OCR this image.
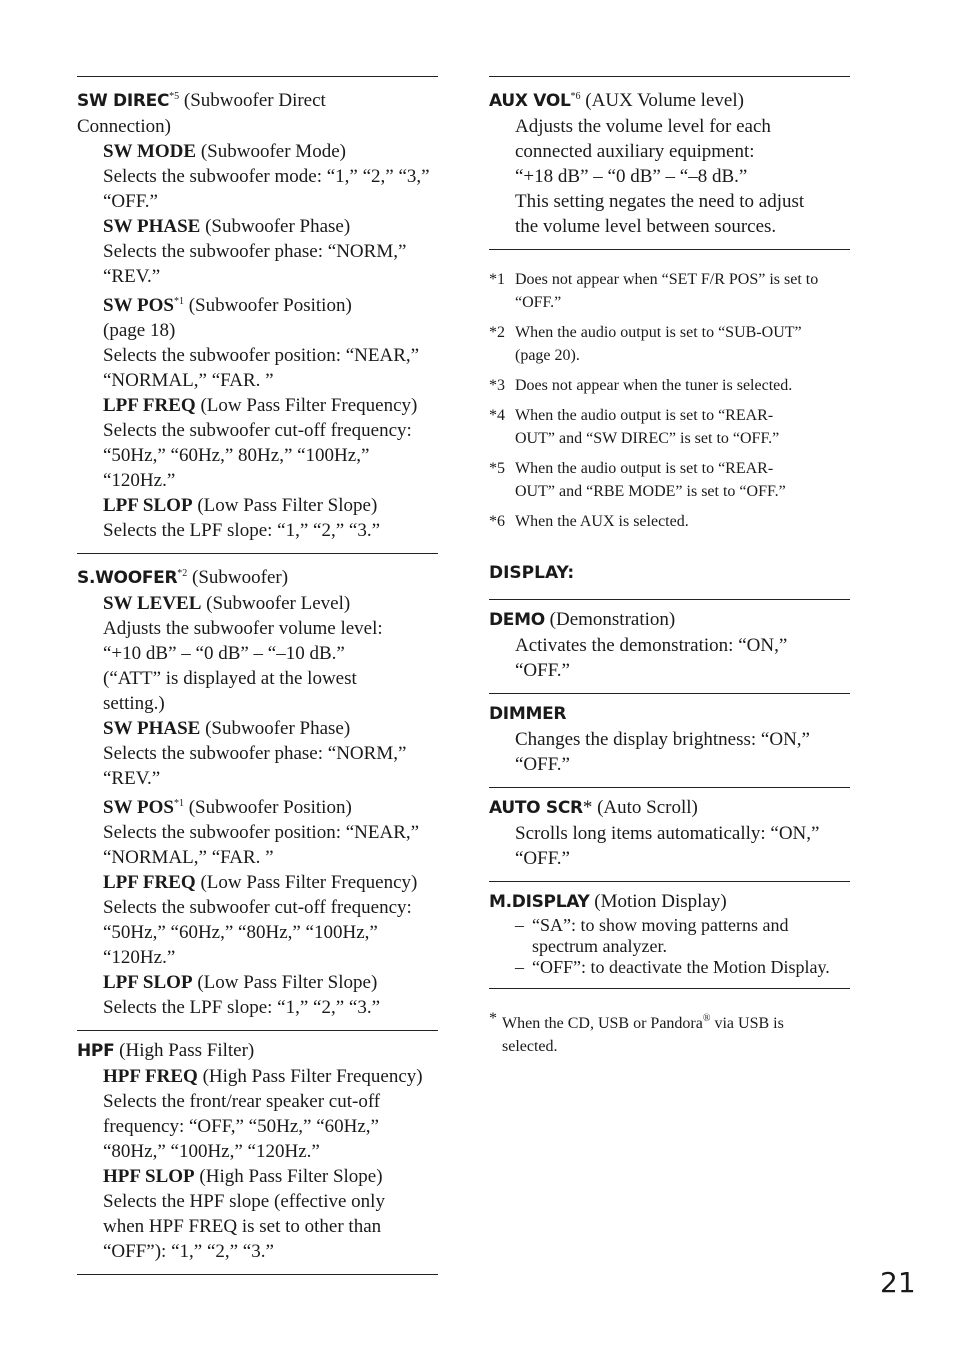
SW DIREC$^{*5}$ (Subwoofer Direct
Connection)
SW MODE (Subwoofer Mode)
Selects the subwoofer mode: “1,” “2,” “3,”
“OFF.”
SW PHASE (Subwoofer Phase)
Selects the subwoofer phase: “NORM,”
“REV.”
SW POS$^{*1}$ (Subwoofer Position)
(page 18)
Selects the subwoofer position: “NEAR,”
“NORMAL,” “FAR. ”
LPF FREQ (Low Pass Filter Frequency)
Selects the subwoofer cut-off frequency:
“50Hz,” “60Hz,” 80Hz,” “100Hz,”
“120Hz.”
LPF SLOP (Low Pass Filter Slope)
Selects the LPF slope: “1,” “2,” “3.”
S.WOOFER$^{*2}$ (Subwoofer)
SW LEVEL (Subwoofer Level)
Adjusts the subwoofer volume level:
“+10 dB” – “0 dB” – “–10 dB.”
(“ATT” is displayed at the lowest
setting.)
SW PHASE (Subwoofer Phase)
Selects the subwoofer phase: “NORM,”
“REV.”
SW POS$^{*1}$ (Subwoofer Position)
Selects the subwoofer position: “NEAR,”
“NORMAL,” “FAR. ”
LPF FREQ (Low Pass Filter Frequency)
Selects the subwoofer cut-off frequency:
“50Hz,” “60Hz,” “80Hz,” “100Hz,”
“120Hz.”
LPF SLOP (Low Pass Filter Slope)
Selects the LPF slope: “1,” “2,” “3.”
HPF (High Pass Filter)
HPF FREQ (High Pass Filter Frequency)
Selects the front/rear speaker cut-off
frequency: “OFF,” “50Hz,” “60Hz,”
“80Hz,” “100Hz,” “120Hz.”
HPF SLOP (High Pass Filter Slope)
Selects the HPF slope (effective only
when HPF FREQ is set to other than
“OFF”): “1,” “2,” “3.”
AUX VOL$^{*6}$ (AUX Volume level)
Adjusts the volume level for each
connected auxiliary equipment:
“+18 dB” – “0 dB” – “–8 dB.”
This setting negates the need to adjust
the volume level between sources.
*1 Does not appear when “SET F/R POS” is set to
“OFF.”
*2 When the audio output is set to “SUB-OUT”
(page 20).
*3 Does not appear when the tuner is selected.
*4 When the audio output is set to “REAR-
OUT” and “SW DIREC” is set to “OFF.”
*5 When the audio output is set to “REAR-
OUT” and “RBE MODE” is set to “OFF.”
*6 When the AUX is selected.
DISPLAY:
DEMO (Demonstration)
Activates the demonstration: “ON,”
“OFF.”
DIMMER
Changes the display brightness: “ON,”
“OFF.”
AUTO SCR* (Auto Scroll)
Scrolls long items automatically: “ON,”
“OFF.”
M.DISPLAY (Motion Display)
– “SA”: to show moving patterns and
spectrum analyzer.
– “OFF”: to deactivate the Motion Display.
* When the CD, USB or Pandora® via USB is
selected.
21
